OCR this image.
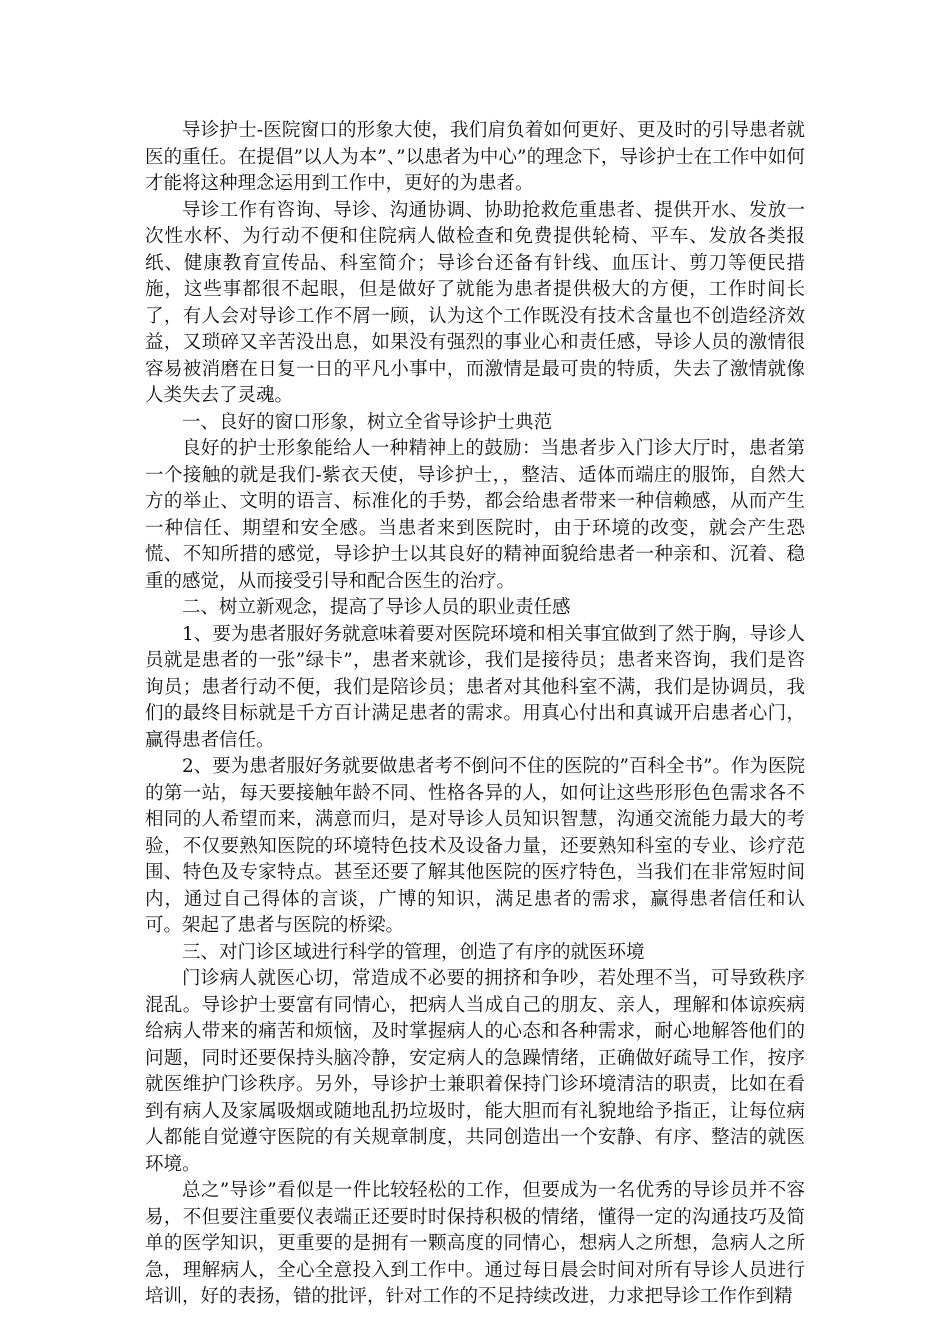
导诊护士-医院窗口的形象大使，我们肩负着如何更好、更及时的引导患者就医的重任。在提倡”以人为本”、”以患者为中心”的理念下，导诊护士在工作中如何才能将这种理念运用到工作中，更好的为患者。

导诊工作有咨询、导诊、沟通协调、协助抢救危重患者、提供开水、发放一次性水杯、为行动不便和住院病人做检查和免费提供轮椅、平车、发放各类报纸、健康教育宣传品、科室简介；导诊台还备有针线、血压计、剪刀等便民措施，这些事都很不起眼，但是做好了就能为患者提供极大的方便，工作时间长了，有人会对导诊工作不屑一顾，认为这个工作既没有技术含量也不创造经济效益，又琐碎又辛苦没出息，如果没有强烈的事业心和责任感，导诊人员的激情很容易被消磨在日复一日的平凡小事中，而激情是最可贵的特质，失去了激情就像人类失去了灵魂。

一、良好的窗口形象，树立全省导诊护士典范

良好的护士形象能给人一种精神上的鼓励：当患者步入门诊大厅时，患者第一个接触的就是我们-紫衣天使，导诊护士，，整洁、适体而端庄的服饰，自然大方的举止、文明的语言、标准化的手势，都会给患者带来一种信赖感，从而产生一种信任、期望和安全感。当患者来到医院时，由于环境的改变，就会产生恐慌、不知所措的感觉，导诊护士以其良好的精神面貌给患者一种亲和、沉着、稳重的感觉，从而接受引导和配合医生的治疗。

二、树立新观念，提高了导诊人员的职业责任感

1、要为患者服好务就意味着要对医院环境和相关事宜做到了然于胸，导诊人员就是患者的一张”绿卡”，患者来就诊，我们是接待员；患者来咨询，我们是咨询员；患者行动不便，我们是陪诊员；患者对其他科室不满，我们是协调员，我们的最终目标就是千方百计满足患者的需求。用真心付出和真诚开启患者心门，赢得患者信任。

2、要为患者服好务就要做患者考不倒问不住的医院的”百科全书”。作为医院的第一站，每天要接触年龄不同、性格各异的人，如何让这些形形色色需求各不相同的人希望而来，满意而归，是对导诊人员知识智慧，沟通交流能力最大的考验，不仅要熟知医院的环境特色技术及设备力量，还要熟知科室的专业、诊疗范围、特色及专家特点。甚至还要了解其他医院的医疗特色，当我们在非常短时间内，通过自己得体的言谈，广博的知识，满足患者的需求，赢得患者信任和认可。架起了患者与医院的桥梁。

三、对门诊区域进行科学的管理，创造了有序的就医环境

门诊病人就医心切，常造成不必要的拥挤和争吵，若处理不当，可导致秩序混乱。导诊护士要富有同情心，把病人当成自己的朋友、亲人，理解和体谅疾病给病人带来的痛苦和烦恼，及时掌握病人的心态和各种需求，耐心地解答他们的问题，同时还要保持头脑冷静，安定病人的急躁情绪，正确做好疏导工作，按序就医维护门诊秩序。另外，导诊护士兼职着保持门诊环境清洁的职责，比如在看到有病人及家属吸烟或随地乱扔垃圾时，能大胆而有礼貌地给予指正，让每位病人都能自觉遵守医院的有关规章制度，共同创造出一个安静、有序、整洁的就医环境。

总之”导诊”看似是一件比较轻松的工作，但要成为一名优秀的导诊员并不容易，不但要注重要仪表端正还要时时保持积极的情绪，懂得一定的沟通技巧及简单的医学知识，更重要的是拥有一颗高度的同情心，想病人之所想，急病人之所急，理解病人，全心全意投入到工作中。通过每日晨会时间对所有导诊人员进行培训，好的表扬，错的批评，针对工作的不足持续改进，力求把导诊工作作到精
